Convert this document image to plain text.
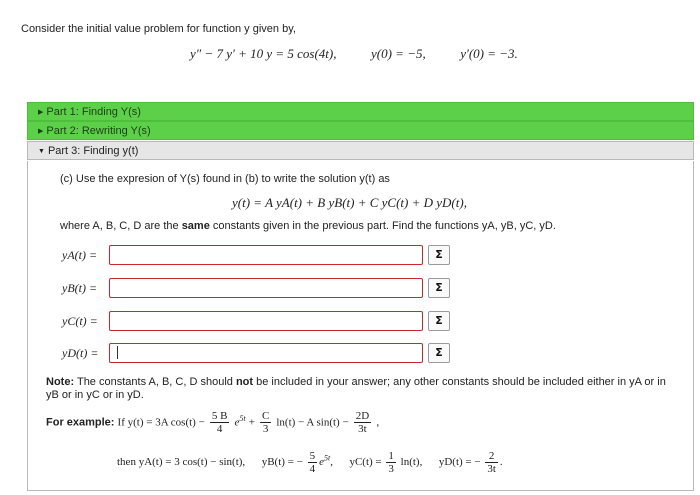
Consider the initial value problem for function y given by,
y″ − 7 y′ + 10 y = 5 cos(4t),	y(0) = −5,	y′(0) = −3.
▶ Part 1: Finding Y(s)
▶ Part 2: Rewriting Y(s)
▼ Part 3: Finding y(t)
(c) Use the expresion of Y(s) found in (b) to write the solution y(t) as
y(t) = A yA(t) + B yB(t) + C yC(t) + D yD(t),
where A, B, C, D are the same constants given in the previous part. Find the functions yA, yB, yC, yD.
yA(t) =	Σ
yB(t) =	Σ
yC(t) =	Σ
yD(t) =	Σ
Note: The constants A, B, C, D should not be included in your answer; any other constants should be included either in yA or in yB or in yC or in yD.
For example: If y(t) = 3A $\cos(t) - \frac{5 B}{4} e^{5t} + \frac{C}{3} \ln(t) - A$ $\sin(t) - \frac{2D}{3t}$ ,
then yA(t) = 3 cos(t) − sin(t), yB(t) = − $\frac{5}{4} e^{5t}$, $yC(t) = \frac{1}{3} \ln(t)$, yD(t) = − $\frac{2}{3t}$ .
